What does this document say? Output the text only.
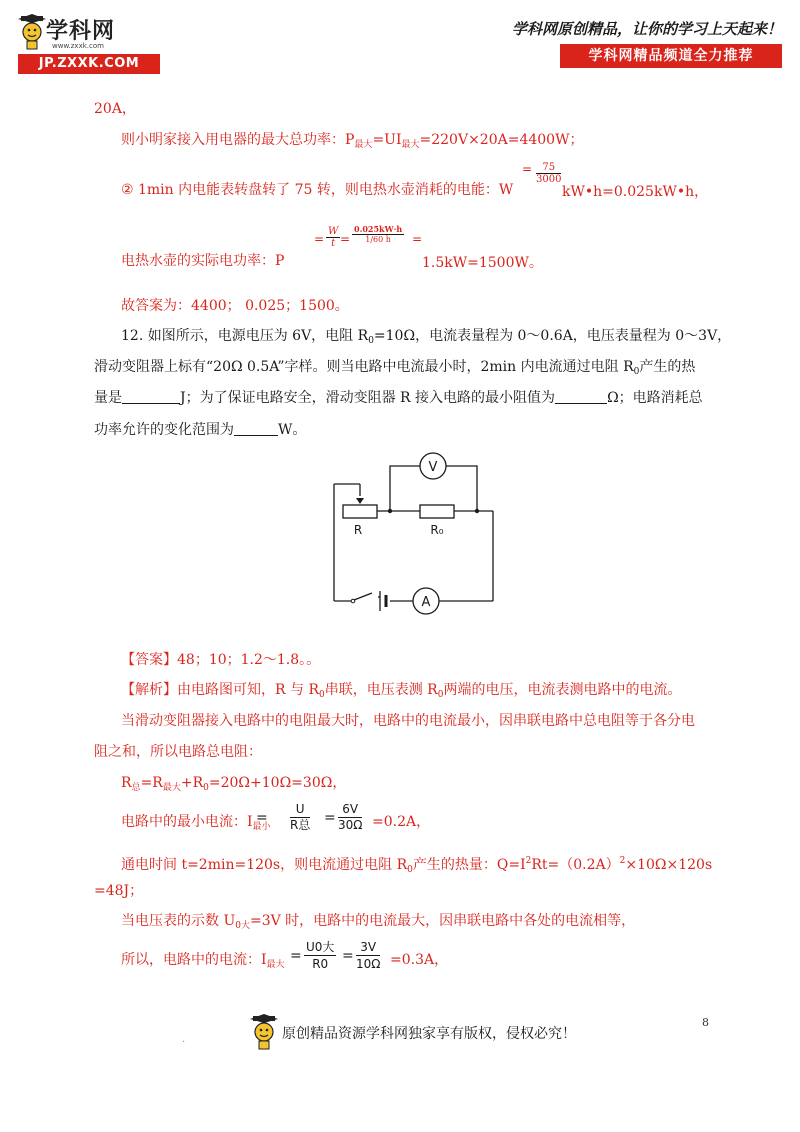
学科网
www.zxxk.com
JP.ZXXK.COM
学科网原创精品，让你的学习上天起来！
学科网精品频道全力推荐
20A，
则小明家接入用电器的最大总功率：$P_{最大}=UI_{最大}=220V\times 20A=4400W$；
② 1min 内电能表转盘转了 75 转，则电热水壶消耗的电能：W
= $\frac{75}{3000}$
kW•h=0.025kW•h，
电热水壶的实际电功率：P
= $\frac{W}{t} = \frac{0.025kW\cdot h}{1/60 h}$ =
1.5kW=1500W。
故答案为：4400； 0.025；1500。
12. 如图所示，电源电压为 6V，电阻 $R_0=10\Omega$，电流表量程为 0～0.6A，电压表量程为 0～3V，
滑动变阻器上标有“20Ω 0.5A”字样。则当电路中电流最小时，2min 内电流通过电阻 $R_0$产生的热
量是	J；为了保证电路安全，滑动变阻器 R 接入电路的最小阻值为	Ω；电路消耗总
功率允许的变化范围为	W。
V
A
R	R₀
【答案】48；10；1.2～1.8。。
【解析】由电路图可知，R 与 $R_0$串联，电压表测 $R_0$两端的电压，电流表测电路中的电流。
当滑动变阻器接入电路中的电阻最大时，电路中的电流最小，因串联电路中总电阻等于各分电
阻之和，所以电路总电阻：
$R_总=R_{最大}+R_0=20\Omega+10\Omega=30\Omega$，
电路中的最小电流：$I_{最小}$
=
U
R总 = $\frac{6V}{30\Omega} =0.2A$，
通电时间 t=2min=120s，则电流通过电阻 $R_0$产生的热量：$Q=I^2Rt=(0.2A)^2\times 10\Omega\times 120s$
=48J；
当电压表的示数 $U_{0大}=3V$ 时，电路中的电流最大，因串联电路中各处的电流相等，
所以，电路中的电流：$I_{最大}$
=
U0大
$R0 = \frac{3V}{10\Omega} =0.3A$，
原创精品资源学科网独家享有版权，侵权必究！
8
.
